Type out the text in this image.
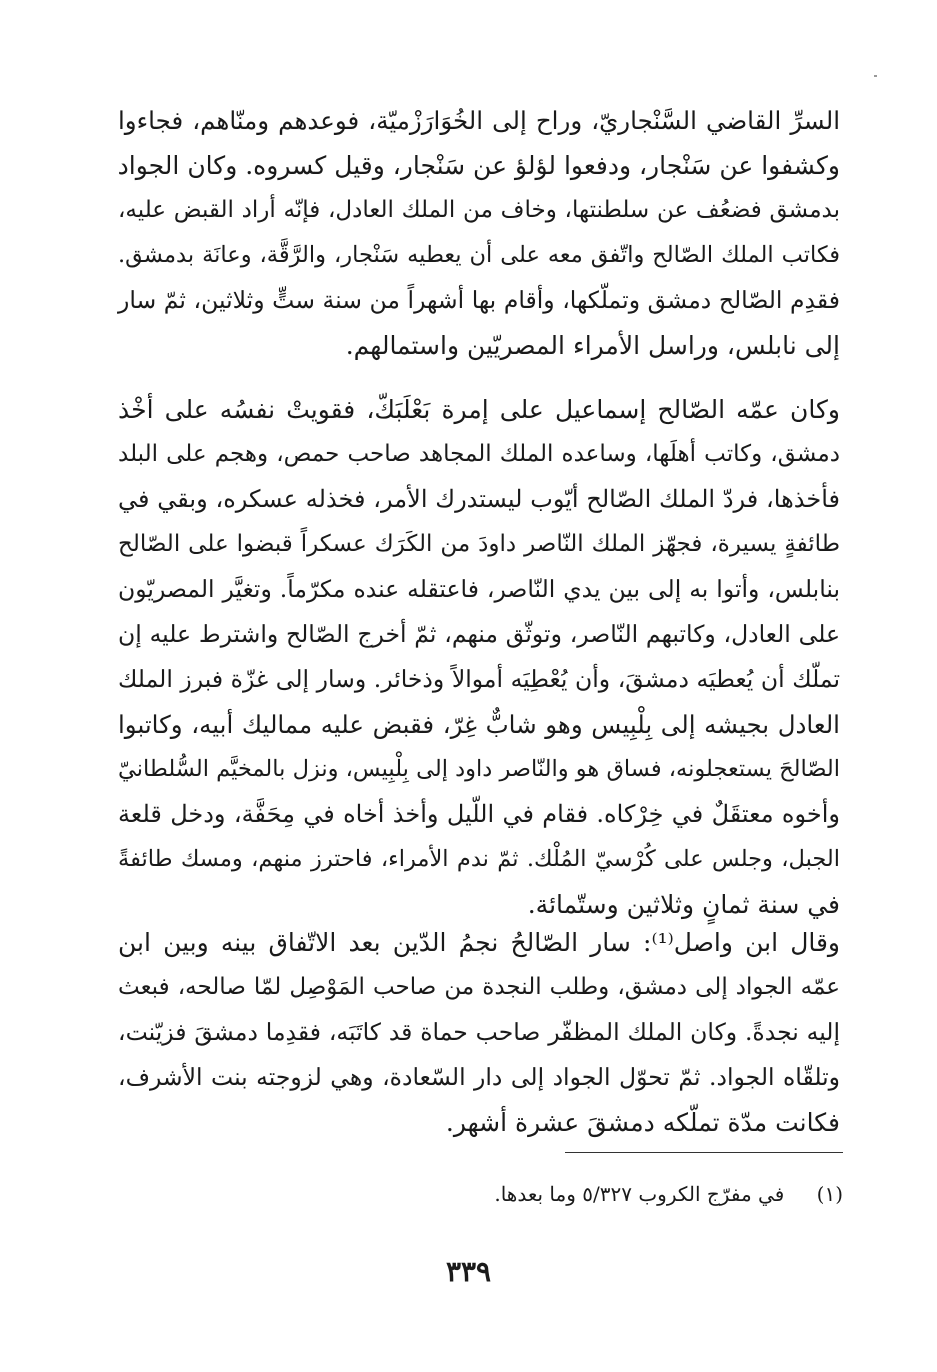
السرِّ القاضي السَّنْجاريّ، وراح إلى الخُوَارَزْميّة، فوعدهم ومنّاهم، فجاءوا
وكشفوا عن سَنْجار، ودفعوا لؤلؤ عن سَنْجار، وقيل كسروه. وكان الجواد
بدمشق فضعُف عن سلطنتها، وخاف من الملك العادل، فإنّه أراد القبض عليه،
فكاتب الملك الصّالح واتّفق معه على أن يعطيه سَنْجار، والرَّقَّة، وعانَة بدمشق.
فقدِم الصّالح دمشق وتملّكها، وأقام بها أشهراً من سنة ستٍّ وثلاثين، ثمّ سار
إلى نابلس، وراسل الأمراء المصريّين واستمالهم.
وكان عمّه الصّالح إسماعيل على إمرة بَعْلَبَكّ، فقويتْ نفسُه على أخْذ
دمشق، وكاتب أهلَها، وساعده الملك المجاهد صاحب حمص، وهجم على البلد
فأخذها، فردّ الملك الصّالح أيّوب ليستدرك الأمر، فخذله عسكره، وبقي في
طائفةٍ يسيرة، فجهّز الملك النّاصر داودَ من الكَرَك عسكراً قبضوا على الصّالح
بنابلس، وأتوا به إلى بين يدي النّاصر، فاعتقله عنده مكرّماً. وتغيَّر المصريّون
على العادل، وكاتبهم النّاصر، وتوثّق منهم، ثمّ أخرج الصّالح واشترط عليه إن
تملّك أن يُعطيَه دمشقَ، وأن يُعْطِيَه أموالاً وذخائر. وسار إلى غزّة فبرز الملك
العادل بجيشه إلى بِلْبِيس وهو شابٌّ غِرّ، فقبض عليه مماليك أبيه، وكاتبوا
الصّالحَ يستعجلونه، فساق هو والنّاصر داود إلى بِلْبِيس، ونزل بالمخيَّم السُّلطانيّ
وأخوه معتقَلٌ في خِرْكاه. فقام في اللّيل وأخذ أخاه في مِحَفَّة، ودخل قلعة
الجبل، وجلس على كُرْسيّ المُلْك. ثمّ ندم الأمراء، فاحترز منهم، ومسك طائفةً
في سنة ثمانٍ وثلاثين وستّمائة.
وقال ابن واصل⁽¹⁾: سار الصّالحُ نجمُ الدّين بعد الاتّفاق بينه وبين ابن
عمّه الجواد إلى دمشق، وطلب النجدة من صاحب المَوْصِل لمّا صالحه، فبعث
إليه نجدةً. وكان الملك المظفّر صاحب حماة قد كاتَبَه، فقدِما دمشقَ فزيّنت،
وتلقّاه الجواد. ثمّ تحوّل الجواد إلى دار السّعادة، وهي لزوجته بنت الأشرف،
فكانت مدّة تملّكه دمشقَ عشرة أشهر.
(١) في مفرّج الكروب ٥/٣٢٧ وما بعدها.
٣٣٩
